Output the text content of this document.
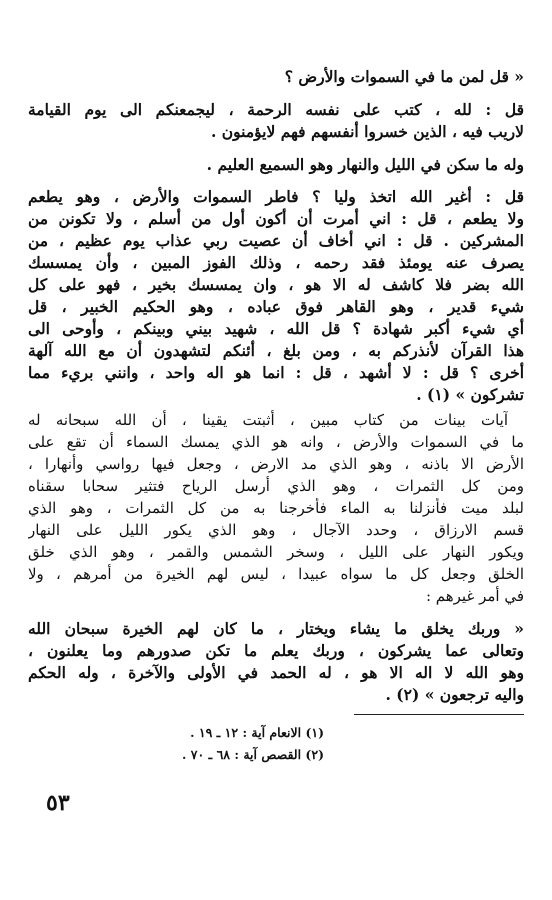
« قل لمن ما في السموات والأرض ؟
قل : لله ، كتب على نفسه الرحمة ، ليجمعنكم الى يوم القيامة
لاريب فيه ، الذين خسروا أنفسهم فهم لايؤمنون .
وله ما سكن في الليل والنهار وهو السميع العليم .
قل : أغير الله اتخذ وليا ؟ فاطر السموات والأرض ، وهو يطعم
ولا يطعم ، قل : اني أمرت أن أكون أول من أسلم ، ولا تكونن من
المشركين . قل : اني أخاف أن عصيت ربي عذاب يوم عظيم ، من
يصرف عنه يومئذ فقد رحمه ، وذلك الفوز المبين ، وأن يمسسك
الله بضر فلا كاشف له الا هو ، وان يمسسك بخير ، فهو على كل
شيء قدير ، وهو القاهر فوق عباده ، وهو الحكيم الخبير ، قل
أي شيء أكبر شهادة ؟ قل الله ، شهيد بيني وبينكم ، وأوحى الى
هذا القرآن لأنذركم به ، ومن بلغ ، أئنكم لتشهدون أن مع الله آلهة
أخرى ؟ قل : لا أشهد ، قل : انما هو اله واحد ، وانني بريء مما
تشركون » (١) .
آيات بينات من كتاب مبين ، أثبتت يقينا ، أن الله سبحانه له
ما في السموات والأرض ، وانه هو الذي يمسك السماء أن تقع على
الأرض الا باذنه ، وهو الذي مد الارض ، وجعل فيها رواسي وأنهارا ،
ومن كل الثمرات ، وهو الذي أرسل الرياح فتثير سحابا سقناه
لبلد ميت فأنزلنا به الماء فأخرجنا به من كل الثمرات ، وهو الذي
قسم الارزاق ، وحدد الآجال ، وهو الذي يكور الليل على النهار
ويكور النهار على الليل ، وسخر الشمس والقمر ، وهو الذي خلق
الخلق وجعل كل ما سواه عبيدا ، ليس لهم الخيرة من أمرهم ، ولا
في أمر غيرهم :
« وربك يخلق ما يشاء ويختار ، ما كان لهم الخيرة سبحان الله
وتعالى عما يشركون ، وربك يعلم ما تكن صدورهم وما يعلنون ،
وهو الله لا اله الا هو ، له الحمد في الأولى والآخرة ، وله الحكم
واليه ترجعون » (٢) .
(١) الانعام آية : ١٢ ـ ١٩ .
(٢) القصص آية : ٦٨ ـ ٧٠ .
٥٣
